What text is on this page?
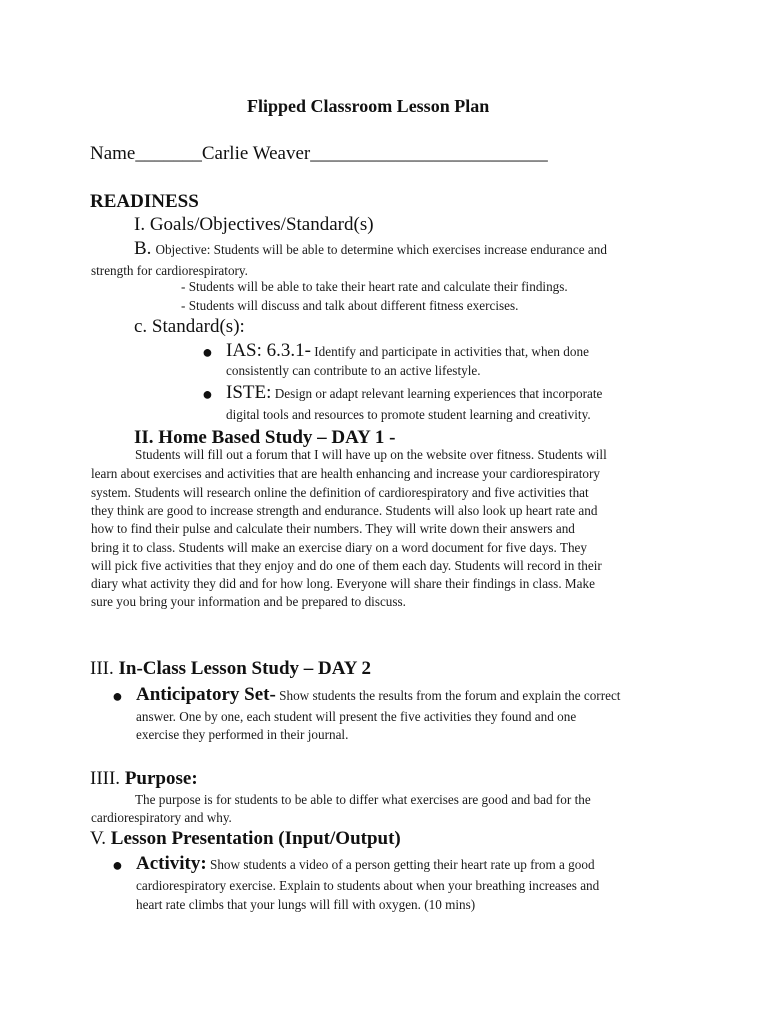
Flipped Classroom Lesson Plan
Name_______Carlie Weaver_________________________
READINESS
I. Goals/Objectives/Standard(s)
B. Objective: Students will be able to determine which exercises increase endurance and
strength for cardiorespiratory.
- Students will be able to take their heart rate and calculate their findings.
- Students will discuss and talk about different fitness exercises.
c. Standard(s):
● IAS: 6.3.1- Identify and participate in activities that, when done
consistently can contribute to an active lifestyle.
● ISTE: Design or adapt relevant learning experiences that incorporate
digital tools and resources to promote student learning and creativity.
II. Home Based Study – DAY 1 -
Students will fill out a forum that I will have up on the website over fitness. Students will
learn about exercises and activities that are health enhancing and increase your cardiorespiratory
system. Students will research online the definition of cardiorespiratory and five activities that
they think are good to increase strength and endurance. Students will also look up heart rate and
how to find their pulse and calculate their numbers. They will write down their answers and
bring it to class. Students will make an exercise diary on a word document for five days. They
will pick five activities that they enjoy and do one of them each day. Students will record in their
diary what activity they did and for how long. Everyone will share their findings in class. Make
sure you bring your information and be prepared to discuss.
III. In-Class Lesson Study – DAY 2
● Anticipatory Set- Show students the results from the forum and explain the correct
answer. One by one, each student will present the five activities they found and one
exercise they performed in their journal.
IIII. Purpose:
The purpose is for students to be able to differ what exercises are good and bad for the
cardiorespiratory and why.
V. Lesson Presentation (Input/Output)
● Activity: Show students a video of a person getting their heart rate up from a good
cardiorespiratory exercise. Explain to students about when your breathing increases and
heart rate climbs that your lungs will fill with oxygen. (10 mins)
